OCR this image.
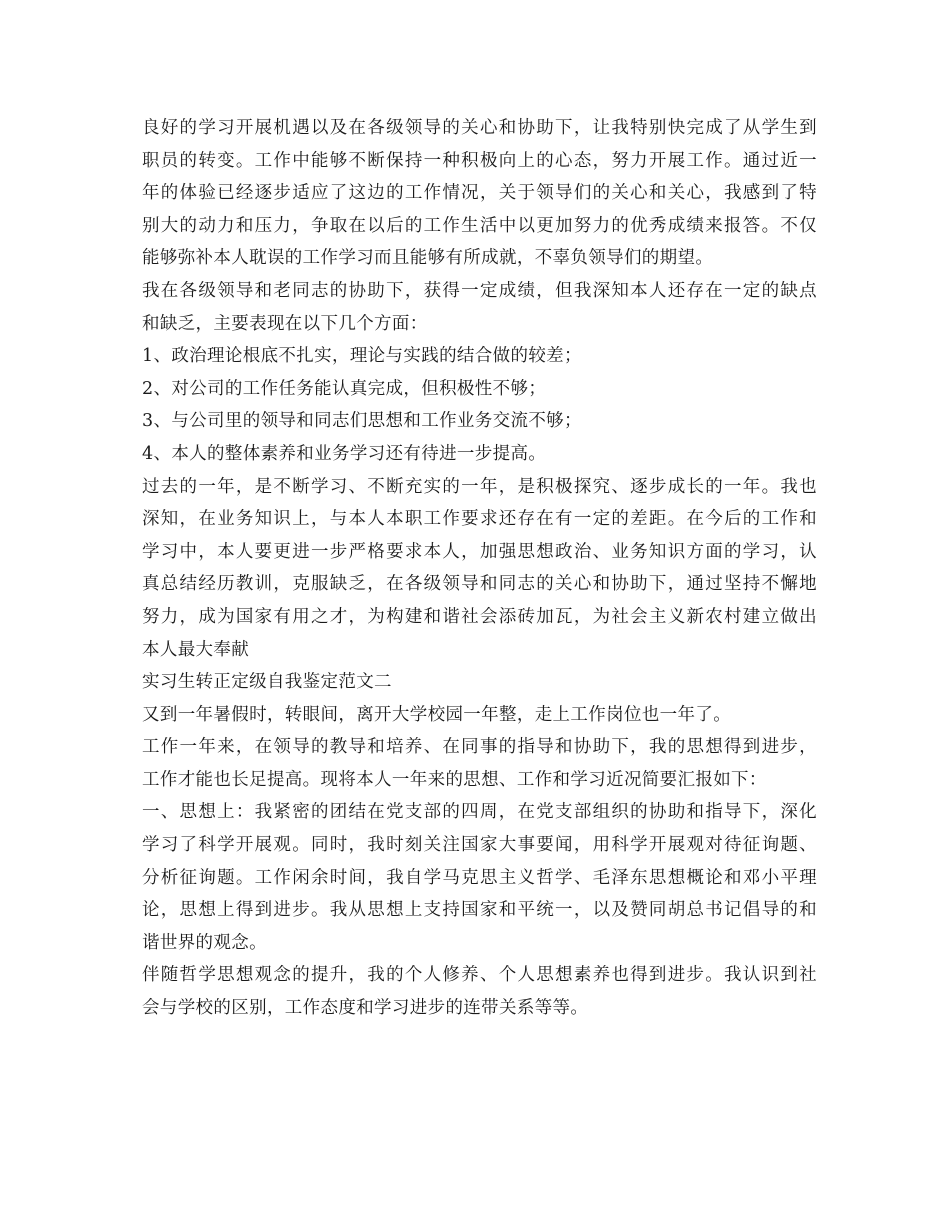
良好的学习开展机遇以及在各级领导的关心和协助下，让我特别快完成了从学生到
职员的转变。工作中能够不断保持一种积极向上的心态，努力开展工作。通过近一
年的体验已经逐步适应了这边的工作情况，关于领导们的关心和关心，我感到了特
别大的动力和压力，争取在以后的工作生活中以更加努力的优秀成绩来报答。不仅
能够弥补本人耽误的工作学习而且能够有所成就，不辜负领导们的期望。

我在各级领导和老同志的协助下，获得一定成绩，但我深知本人还存在一定的缺点
和缺乏，主要表现在以下几个方面：

1、政治理论根底不扎实，理论与实践的结合做的较差；

2、对公司的工作任务能认真完成，但积极性不够；

3、与公司里的领导和同志们思想和工作业务交流不够；

4、本人的整体素养和业务学习还有待进一步提高。

过去的一年，是不断学习、不断充实的一年，是积极探究、逐步成长的一年。我也
深知，在业务知识上，与本人本职工作要求还存在有一定的差距。在今后的工作和
学习中，本人要更进一步严格要求本人，加强思想政治、业务知识方面的学习，认
真总结经历教训，克服缺乏，在各级领导和同志的关心和协助下，通过坚持不懈地
努力，成为国家有用之才，为构建和谐社会添砖加瓦，为社会主义新农村建立做出
本人最大奉献

实习生转正定级自我鉴定范文二

又到一年暑假时，转眼间，离开大学校园一年整，走上工作岗位也一年了。

工作一年来，在领导的教导和培养、在同事的指导和协助下，我的思想得到进步，
工作才能也长足提高。现将本人一年来的思想、工作和学习近况简要汇报如下：

一、思想上：我紧密的团结在党支部的四周，在党支部组织的协助和指导下，深化
学习了科学开展观。同时，我时刻关注国家大事要闻，用科学开展观对待征询题、
分析征询题。工作闲余时间，我自学马克思主义哲学、毛泽东思想概论和邓小平理
论，思想上得到进步。我从思想上支持国家和平统一，以及赞同胡总书记倡导的和
谐世界的观念。

伴随哲学思想观念的提升，我的个人修养、个人思想素养也得到进步。我认识到社
会与学校的区别，工作态度和学习进步的连带关系等等。
